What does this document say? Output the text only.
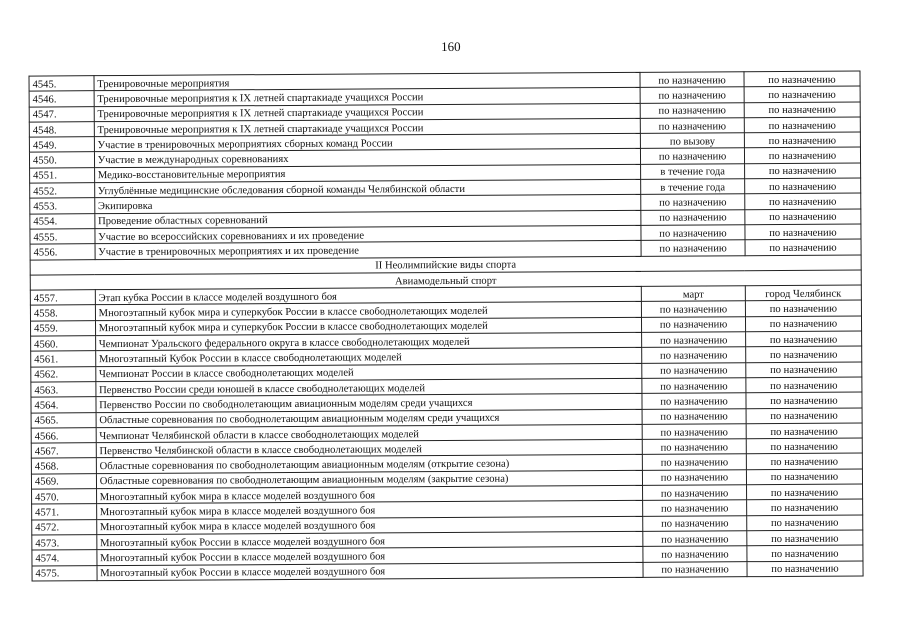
160
4545.	Тренировочные мероприятия	по назначению	по назначению
4546.	Тренировочные мероприятия к IX летней спартакиаде учащихся России	по назначению	по назначению
4547.	Тренировочные мероприятия к IX летней спартакиаде учащихся России	по назначению	по назначению
4548.	Тренировочные мероприятия к IX летней спартакиаде учащихся России	по назначению	по назначению
4549.	Участие в тренировочных мероприятиях сборных команд России	по вызову	по назначению
4550.	Участие в международных соревнованиях	по назначению	по назначению
4551.	Медико-восстановительные мероприятия	в течение года	по назначению
4552.	Углублённые медицинские обследования сборной команды Челябинской области	в течение года	по назначению
4553.	Экипировка	по назначению	по назначению
4554.	Проведение областных соревнований	по назначению	по назначению
4555.	Участие во всероссийских соревнованиях и их проведение	по назначению	по назначению
4556.	Участие в тренировочных мероприятиях и их проведение	по назначению	по назначению
II Неолимпийские виды спорта			
Авиамодельный спорт			
4557.	Этап кубка России в классе моделей воздушного боя	март	город Челябинск
4558.	Многоэтапный кубок мира и суперкубок России в классе свободнолетающих моделей	по назначению	по назначению
4559.	Многоэтапный кубок мира и суперкубок России в классе свободнолетающих моделей	по назначению	по назначению
4560.	Чемпионат Уральского федерального округа в классе свободнолетающих моделей	по назначению	по назначению
4561.	Многоэтапный Кубок России в классе свободнолетающих моделей	по назначению	по назначению
4562.	Чемпионат России в классе свободнолетающих моделей	по назначению	по назначению
4563.	Первенство России среди юношей в классе свободнолетающих моделей	по назначению	по назначению
4564.	Первенство России по свободнолетающим авиационным моделям среди учащихся	по назначению	по назначению
4565.	Областные соревнования по свободнолетающим авиационным моделям среди учащихся	по назначению	по назначению
4566.	Чемпионат Челябинской области в классе свободнолетающих моделей	по назначению	по назначению
4567.	Первенство Челябинской области в классе свободнолетающих моделей	по назначению	по назначению
4568.	Областные соревнования по свободнолетающим авиационным моделям (открытие сезона)	по назначению	по назначению
4569.	Областные соревнования по свободнолетающим авиационным моделям (закрытие сезона)	по назначению	по назначению
4570.	Многоэтапный кубок мира в классе моделей воздушного боя	по назначению	по назначению
4571.	Многоэтапный кубок мира в классе моделей воздушного боя	по назначению	по назначению
4572.	Многоэтапный кубок мира в классе моделей воздушного боя	по назначению	по назначению
4573.	Многоэтапный кубок России в классе моделей воздушного боя	по назначению	по назначению
4574.	Многоэтапный кубок России в классе моделей воздушного боя	по назначению	по назначению
4575.	Многоэтапный кубок России в классе моделей воздушного боя	по назначению	по назначению
